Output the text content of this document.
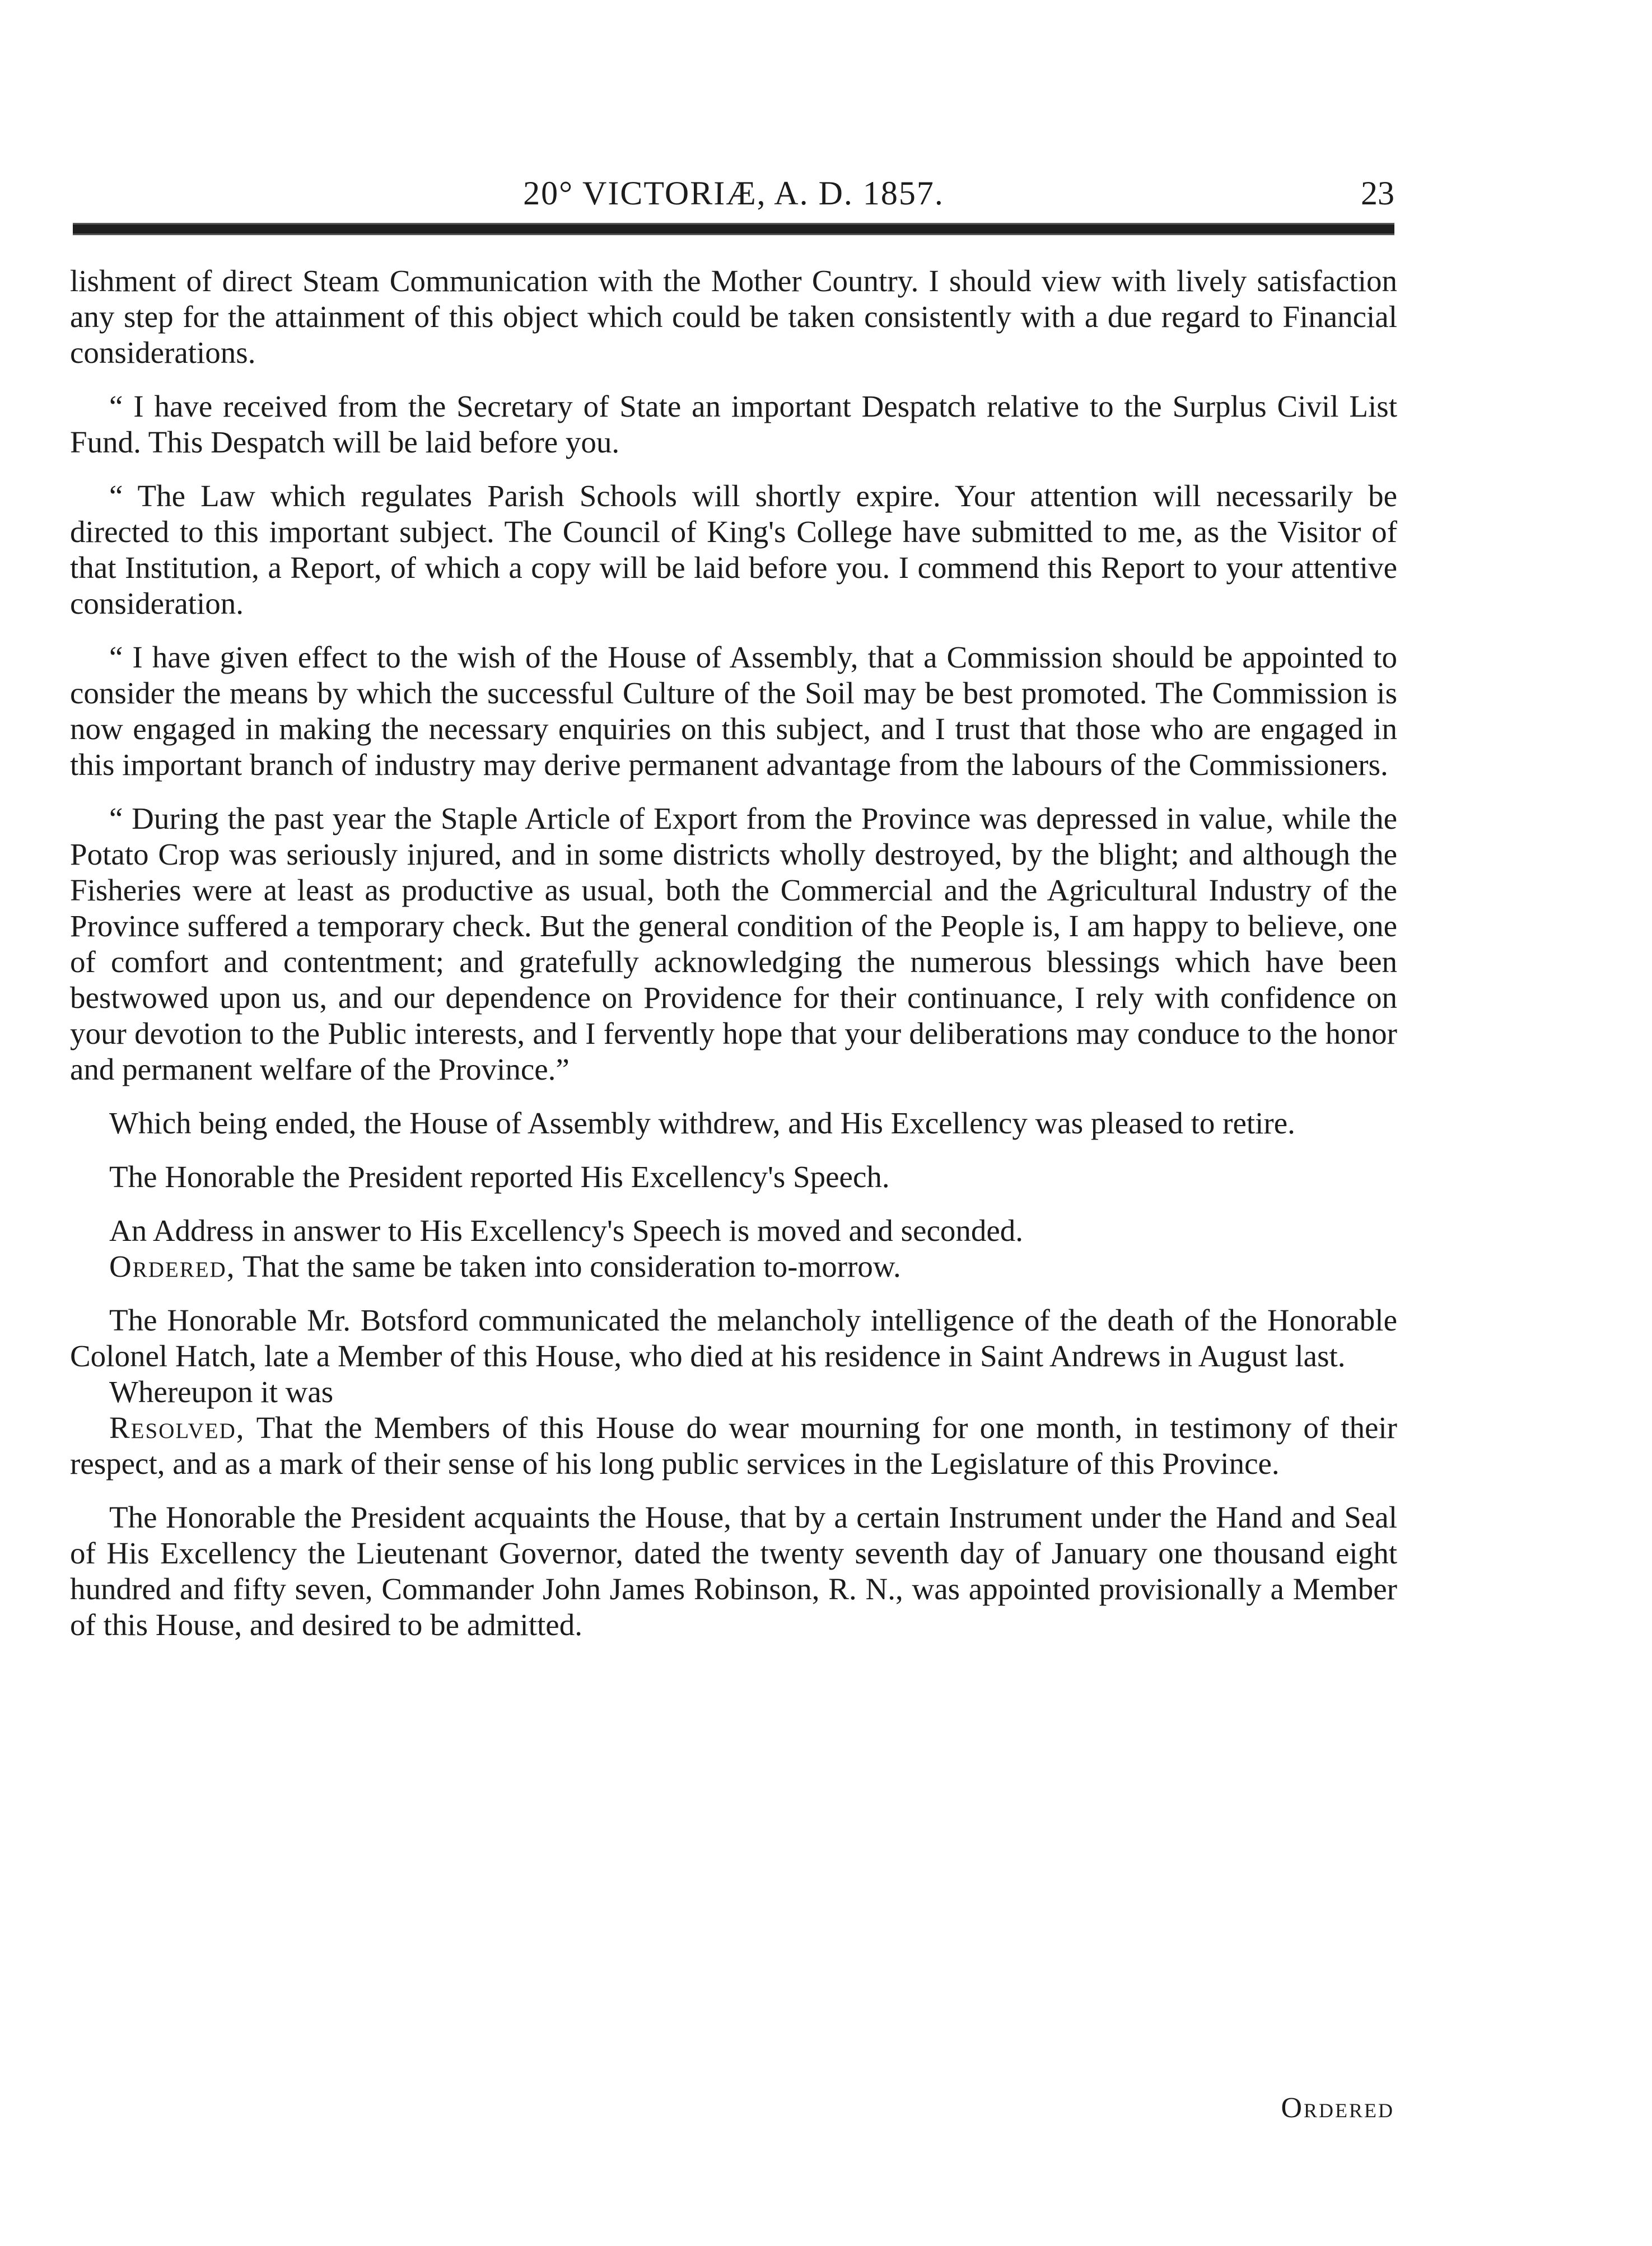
20° VICTORIÆ, A. D. 1857.	23

lishment of direct Steam Communication with the Mother Country. I should view with lively satisfaction any step for the attainment of this object which could be taken consistently with a due regard to Financial considerations.

“ I have received from the Secretary of State an important Despatch relative to the Surplus Civil List Fund. This Despatch will be laid before you.

“ The Law which regulates Parish Schools will shortly expire. Your attention will necessarily be directed to this important subject. The Council of King's College have submitted to me, as the Visitor of that Institution, a Report, of which a copy will be laid before you. I commend this Report to your attentive consideration.

“ I have given effect to the wish of the House of Assembly, that a Commission should be appointed to consider the means by which the successful Culture of the Soil may be best promoted. The Commission is now engaged in making the necessary enquiries on this subject, and I trust that those who are engaged in this important branch of industry may derive permanent advantage from the labours of the Commissioners.

“ During the past year the Staple Article of Export from the Province was depressed in value, while the Potato Crop was seriously injured, and in some districts wholly destroyed, by the blight; and although the Fisheries were at least as productive as usual, both the Commercial and the Agricultural Industry of the Province suffered a temporary check. But the general condition of the People is, I am happy to believe, one of comfort and contentment; and gratefully acknowledging the numerous blessings which have been bestwowed upon us, and our dependence on Providence for their continuance, I rely with confidence on your devotion to the Public interests, and I fervently hope that your deliberations may conduce to the honor and permanent welfare of the Province.”

Which being ended, the House of Assembly withdrew, and His Excellency was pleased to retire.

The Honorable the President reported His Excellency's Speech.

An Address in answer to His Excellency's Speech is moved and seconded.

Ordered, That the same be taken into consideration to-morrow.

The Honorable Mr. Botsford communicated the melancholy intelligence of the death of the Honorable Colonel Hatch, late a Member of this House, who died at his residence in Saint Andrews in August last.

Whereupon it was

Resolved, That the Members of this House do wear mourning for one month, in testimony of their respect, and as a mark of their sense of his long public services in the Legislature of this Province.

The Honorable the President acquaints the House, that by a certain Instrument under the Hand and Seal of His Excellency the Lieutenant Governor, dated the twenty seventh day of January one thousand eight hundred and fifty seven, Commander John James Robinson, R. N., was appointed provisionally a Member of this House, and desired to be admitted.

Ordered
